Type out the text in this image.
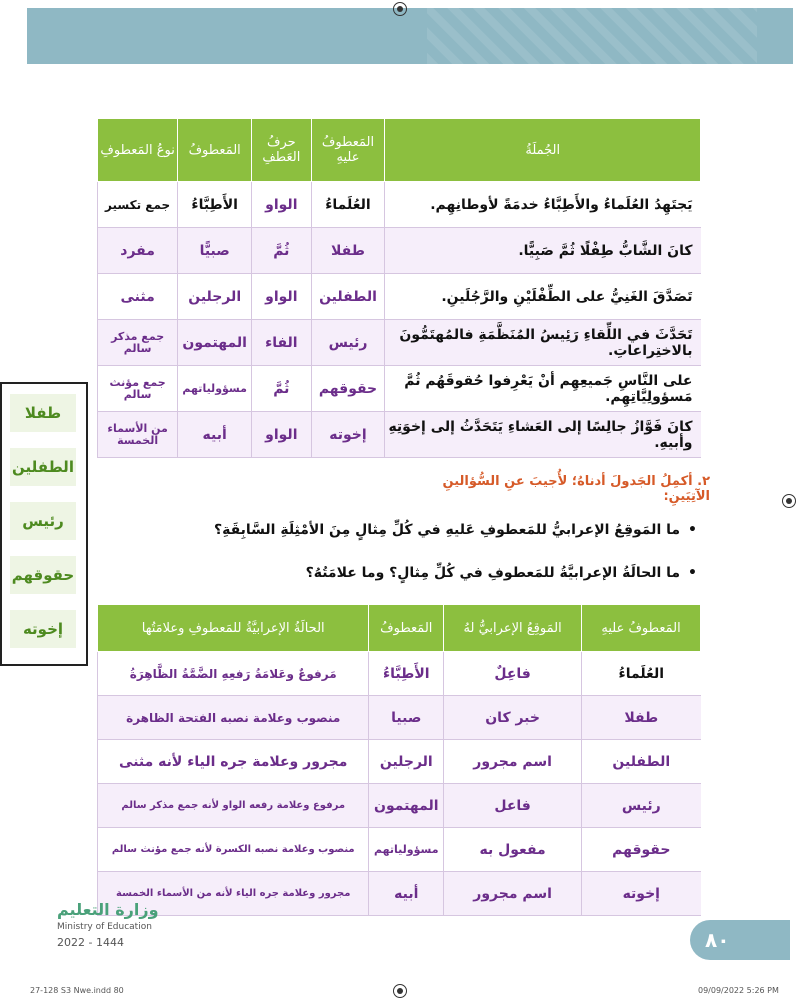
الجُملَةُ	المَعطوفُ عليهِ	حرفُ العَطفِ	المَعطوفُ	نوعُ المَعطوفِ
يَجتَهِدُ العُلَماءُ والأَطِبَّاءُ خدمَةً لأوطانِهِم.	العُلَماءُ	الواو	الأَطِبَّاءُ	جمع تكسير
كانَ الشَّابُّ طِفْلًا ثُمَّ صَبِيًّا.	طفلا	ثُمَّ	صبيًّا	مفرد
تَصَدَّقَ الغَنِيُّ على الطِّفْلَيْنِ والرَّجُلَينِ.	الطفلين	الواو	الرجلين	مثنى
تَحَدَّثَ في اللِّقاءِ رَئِيسُ المُنَظَّمَةِ فالمُهتَمُّونَ بالاختِراعاتِ.	رئيس	الفاء	المهتمون	جمع مذكر سالم
على النَّاسِ جَميعِهِم أنْ يَعْرِفوا حُقوقَهُم ثُمَّ مَسؤولِيَّاتِهِم.	حقوقهم	ثُمَّ	مسؤولياتهم	جمع مؤنث سالم
كانَ فَوَّازُ جالِسًا إلى العَشاءِ يَتَحَدَّثُ إلى إخوَتِهِ وأبيهِ.	إخوته	الواو	أبيه	من الأسماء الخمسة
طفلا
الطفلين
رئيس
حقوقهم
إخوته
٢. أكمِلُ الجَدولَ أدناهُ؛ لأُجيبَ عنِ السُّؤالينِ الآتِيَينِ:
• ما المَوقِعُ الإعرابيُّ للمَعطوفِ عَليهِ في كُلِّ مِثالٍ مِنَ الأمْثِلَةِ السَّابِقَةِ؟
• ما الحالَةُ الإعرابيَّةُ للمَعطوفِ في كُلِّ مِثالٍ؟ وما علامَتُهُ؟
المَعطوفُ عليهِ	المَوقِعُ الإعرابيُّ لهُ	المَعطوفُ	الحالَةُ الإعرابيَّةُ للمَعطوفِ وعلامَتُها
العُلَماءُ	فاعِلٌ	الأَطِبَّاءُ	مَرفوعٌ وعَلامَةُ رَفعِهِ الضَّمَّةُ الظَّاهِرَةُ
طفلا	خبر كان	صبيا	منصوب وعلامة نصبه الفتحة الظاهرة
الطفلين	اسم مجرور	الرجلين	مجرور وعلامة جره الياء لأنه مثنى
رئيس	فاعل	المهتمون	مرفوع وعلامة رفعه الواو لأنه جمع مذكر سالم
حقوقهم	مفعول به	مسؤولياتهم	منصوب وعلامة نصبه الكسرة لأنه جمع مؤنث سالم
إخوته	اسم مجرور	أبيه	مجرور وعلامة جره الياء لأنه من الأسماء الخمسة
وزارة التعليم
Ministry of Education
2022 - 1444	٨٠
27-128 S3 Nwe.indd 80	09/09/2022 5:26 PM
